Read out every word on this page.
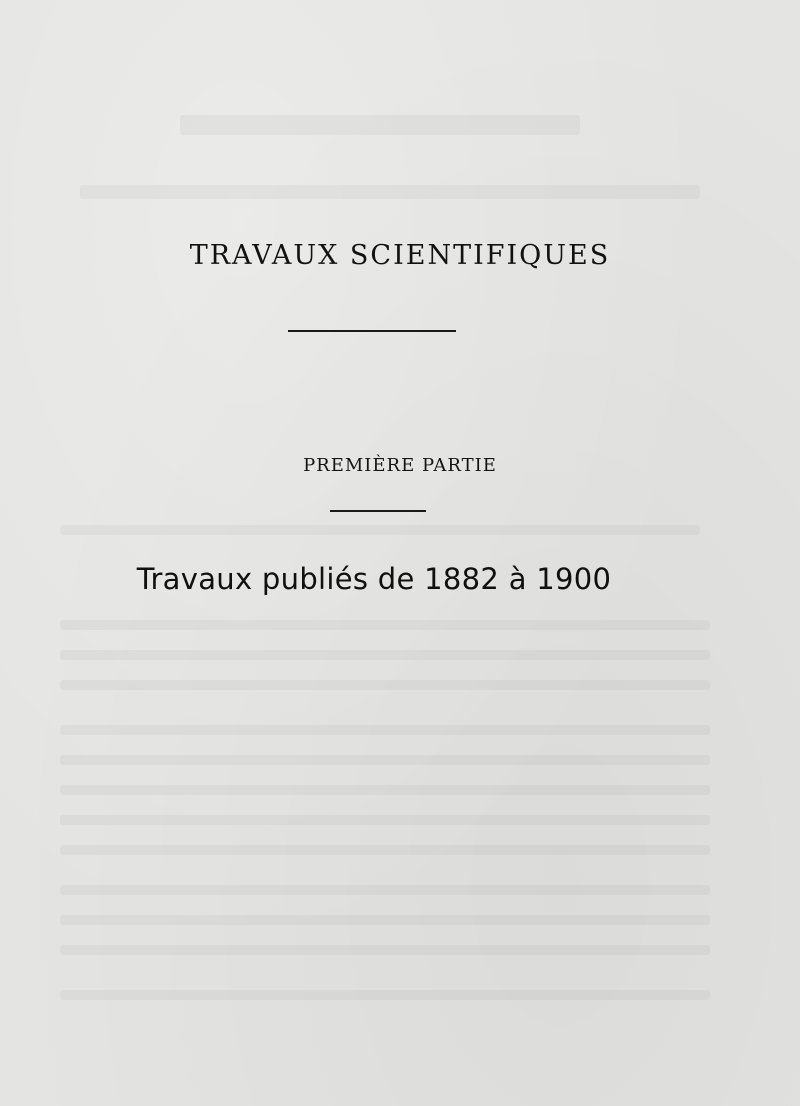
TRAVAUX SCIENTIFIQUES
PREMIÈRE PARTIE
Travaux publiés de 1882 à 1900
